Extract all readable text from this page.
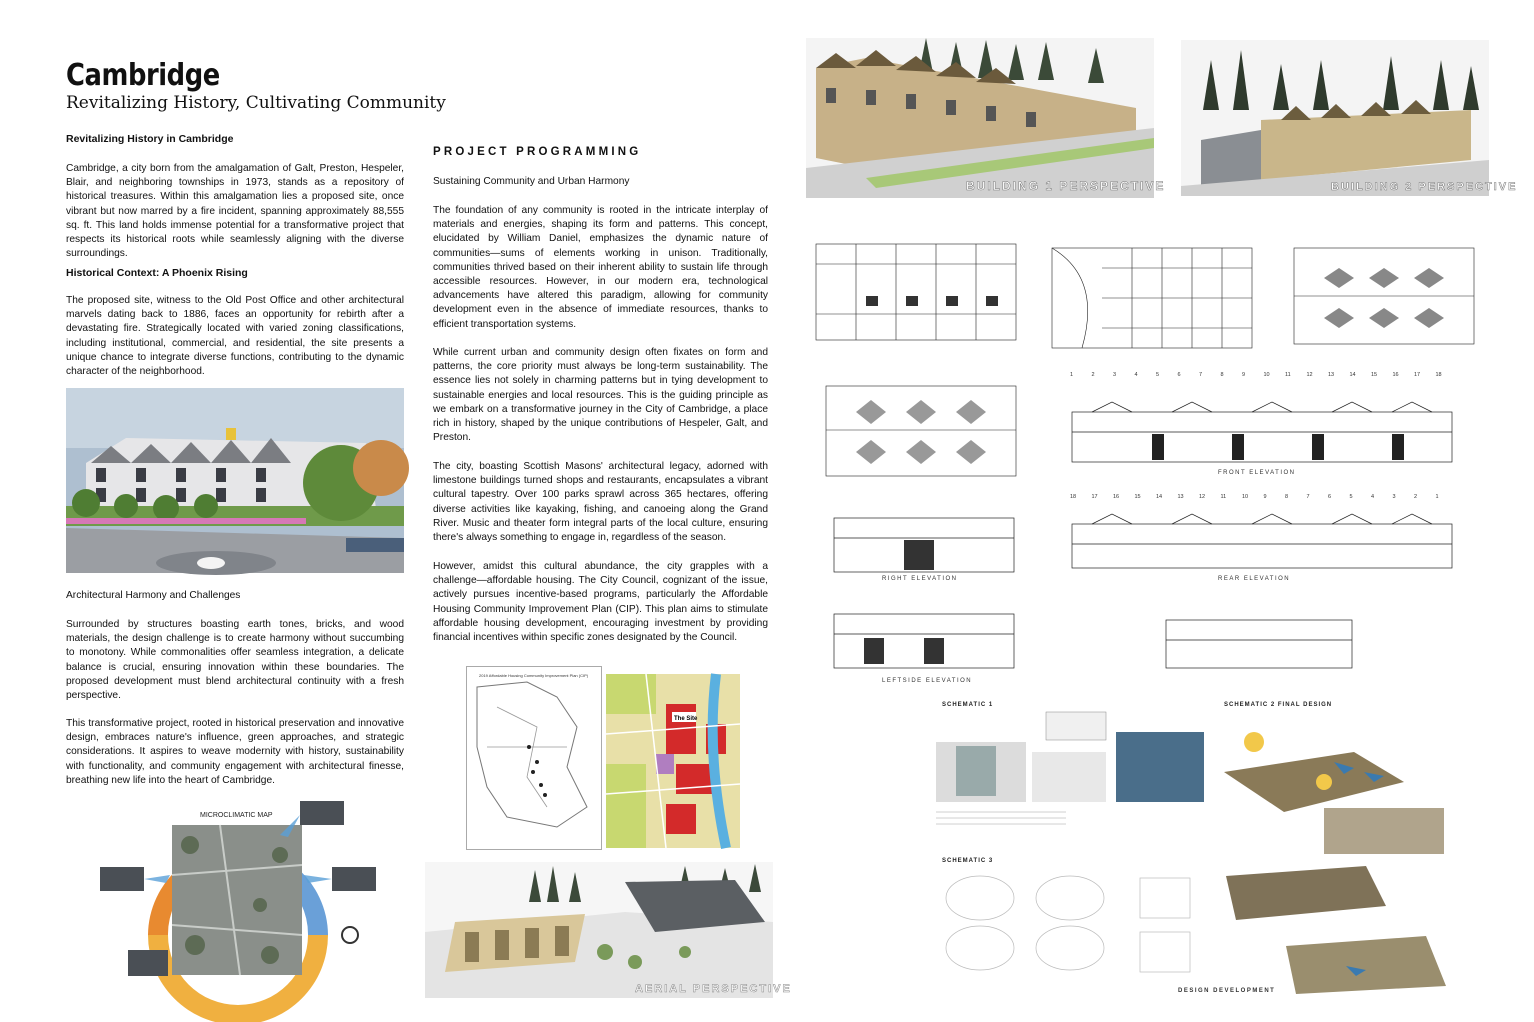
Cambridge
Revitalizing History, Cultivating Community
Revitalizing History in Cambridge
Cambridge, a city born from the amalgamation of Galt, Preston, Hespeler, Blair, and neighboring townships in 1973, stands as a repository of historical treasures. Within this amalgamation lies a proposed site, once vibrant but now marred by a fire incident, spanning approximately 88,555 sq. ft. This land holds immense potential for a transformative project that respects its historical roots while seamlessly aligning with the diverse surroundings.
Historical Context: A Phoenix Rising
The proposed site, witness to the Old Post Office and other architectural marvels dating back to 1886, faces an opportunity for rebirth after a devastating fire. Strategically located with varied zoning classifications, including institutional, commercial, and residential, the site presents a unique chance to integrate diverse functions, contributing to the dynamic character of the neighborhood.
Architectural Harmony and Challenges
Surrounded by structures boasting earth tones, bricks, and wood materials, the design challenge is to create harmony without succumbing to monotony. While commonalities offer seamless integration, a delicate balance is crucial, ensuring innovation within these boundaries. The proposed development must blend architectural continuity with a fresh perspective.
This transformative project, rooted in historical preservation and innovative design, embraces nature's influence, green approaches, and strategic considerations. It aspires to weave modernity with history, sustainability with functionality, and community engagement with architectural finesse, breathing new life into the heart of Cambridge.
MICROCLIMATIC MAP
PROJECT PROGRAMMING
Sustaining Community and Urban Harmony
The foundation of any community is rooted in the intricate interplay of materials and energies, shaping its form and patterns. This concept, elucidated by William Daniel, emphasizes the dynamic nature of communities—sums of elements working in unison. Traditionally, communities thrived based on their inherent ability to sustain life through accessible resources. However, in our modern era, technological advancements have altered this paradigm, allowing for community development even in the absence of immediate resources, thanks to efficient transportation systems.
While current urban and community design often fixates on form and patterns, the core priority must always be long-term sustainability. The essence lies not solely in charming patterns but in tying development to sustainable energies and local resources. This is the guiding principle as we embark on a transformative journey in the City of Cambridge, a place rich in history, shaped by the unique contributions of Hespeler, Galt, and Preston.
The city, boasting Scottish Masons' architectural legacy, adorned with limestone buildings turned shops and restaurants, encapsulates a vibrant cultural tapestry. Over 100 parks sprawl across 365 hectares, offering diverse activities like kayaking, fishing, and canoeing along the Grand River. Music and theater form integral parts of the local culture, ensuring there's always something to engage in, regardless of the season.
However, amidst this cultural abundance, the city grapples with a challenge—affordable housing. The City Council, cognizant of the issue, actively pursues incentive-based programs, particularly the Affordable Housing Community Improvement Plan (CIP). This plan aims to stimulate affordable housing development, encouraging investment by providing financial incentives within specific zones designated by the Council.
2019 Affordable Housing Community Improvement Plan (CIP)
The Site
AERIAL PERSPECTIVE
BUILDING 1 PERSPECTIVE	BUILDING 2 PERSPECTIVE
FRONT ELEVATION
RIGHT ELEVATION	REAR ELEVATION
LEFTSIDE ELEVATION
SCHEMATIC 1	SCHEMATIC 2 FINAL DESIGN
SCHEMATIC 3
DESIGN DEVELOPMENT
1	2	3	4	5	6	7	8	9	10	11	12	13	14	15	16	17	18
18	17	16	15	14	13	12	11	10	9	8	7	6	5	4	3	2	1
